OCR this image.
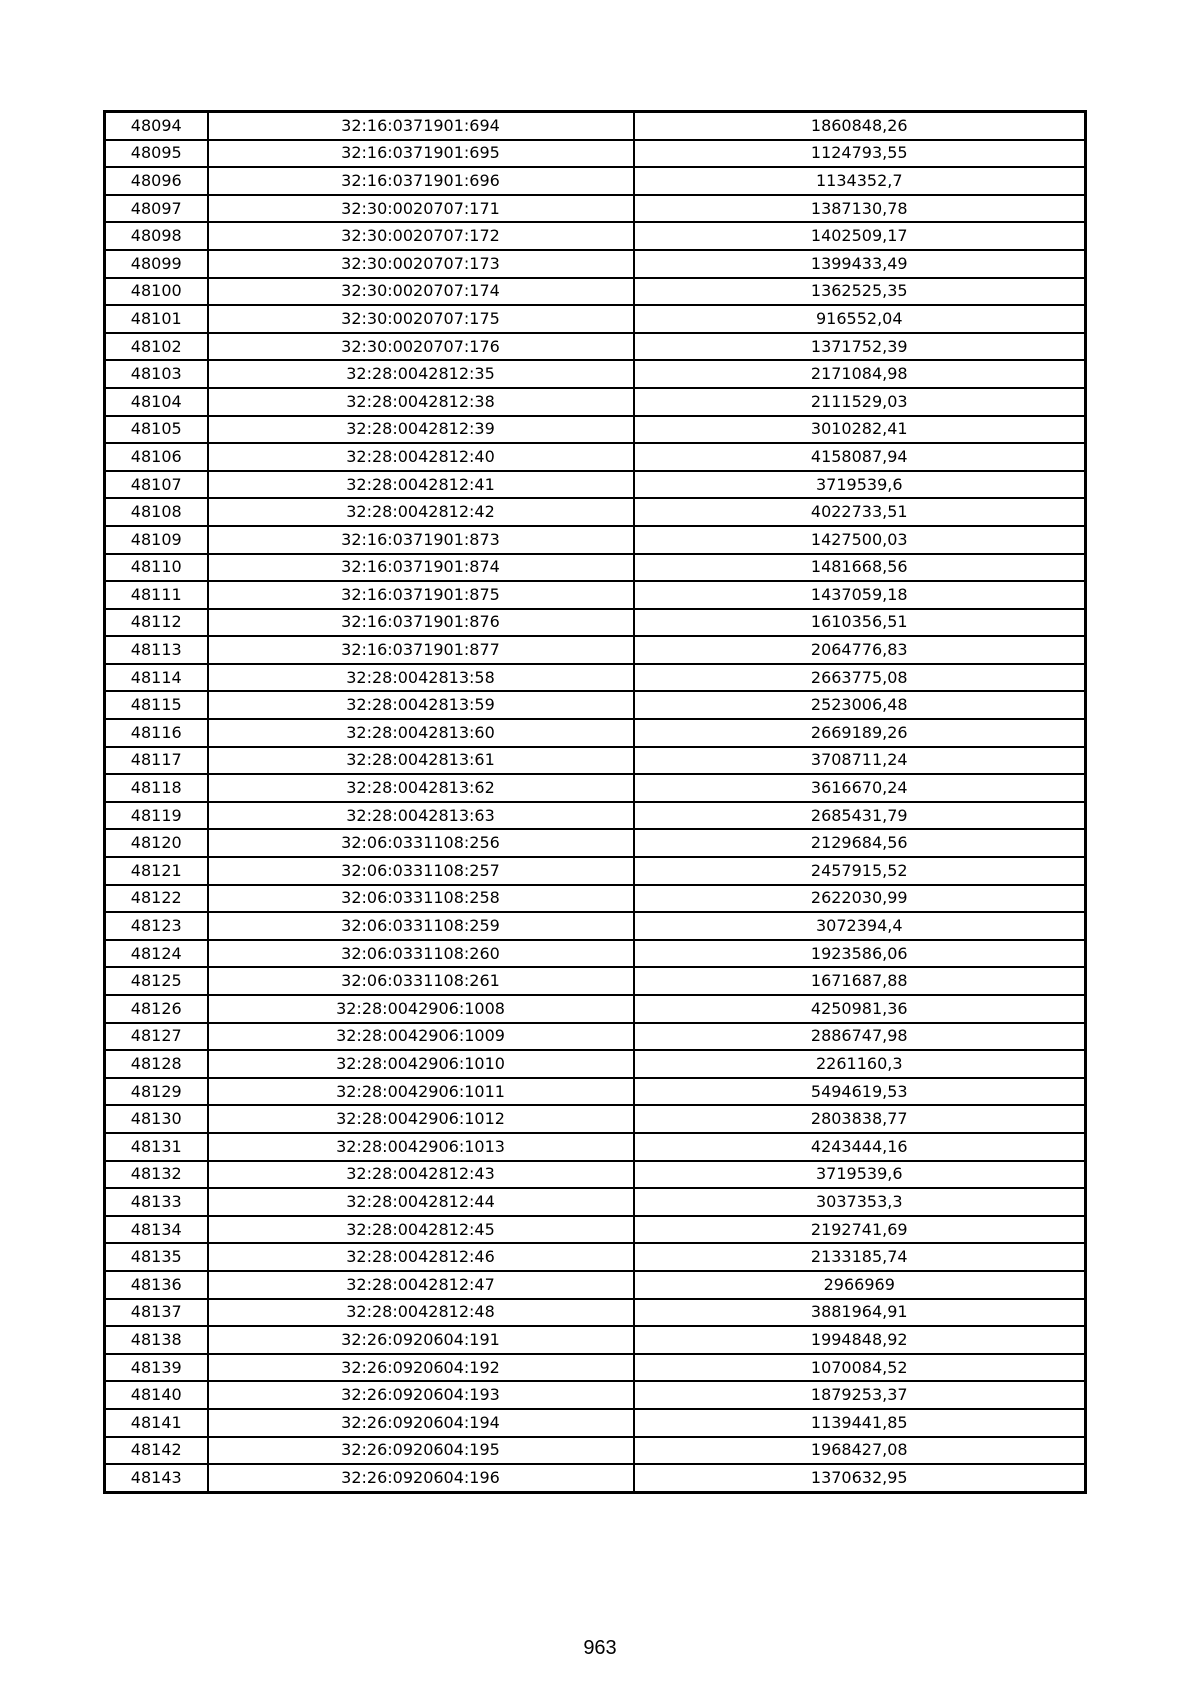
48094	32:16:0371901:694	1860848,26
48095	32:16:0371901:695	1124793,55
48096	32:16:0371901:696	1134352,7
48097	32:30:0020707:171	1387130,78
48098	32:30:0020707:172	1402509,17
48099	32:30:0020707:173	1399433,49
48100	32:30:0020707:174	1362525,35
48101	32:30:0020707:175	916552,04
48102	32:30:0020707:176	1371752,39
48103	32:28:0042812:35	2171084,98
48104	32:28:0042812:38	2111529,03
48105	32:28:0042812:39	3010282,41
48106	32:28:0042812:40	4158087,94
48107	32:28:0042812:41	3719539,6
48108	32:28:0042812:42	4022733,51
48109	32:16:0371901:873	1427500,03
48110	32:16:0371901:874	1481668,56
48111	32:16:0371901:875	1437059,18
48112	32:16:0371901:876	1610356,51
48113	32:16:0371901:877	2064776,83
48114	32:28:0042813:58	2663775,08
48115	32:28:0042813:59	2523006,48
48116	32:28:0042813:60	2669189,26
48117	32:28:0042813:61	3708711,24
48118	32:28:0042813:62	3616670,24
48119	32:28:0042813:63	2685431,79
48120	32:06:0331108:256	2129684,56
48121	32:06:0331108:257	2457915,52
48122	32:06:0331108:258	2622030,99
48123	32:06:0331108:259	3072394,4
48124	32:06:0331108:260	1923586,06
48125	32:06:0331108:261	1671687,88
48126	32:28:0042906:1008	4250981,36
48127	32:28:0042906:1009	2886747,98
48128	32:28:0042906:1010	2261160,3
48129	32:28:0042906:1011	5494619,53
48130	32:28:0042906:1012	2803838,77
48131	32:28:0042906:1013	4243444,16
48132	32:28:0042812:43	3719539,6
48133	32:28:0042812:44	3037353,3
48134	32:28:0042812:45	2192741,69
48135	32:28:0042812:46	2133185,74
48136	32:28:0042812:47	2966969
48137	32:28:0042812:48	3881964,91
48138	32:26:0920604:191	1994848,92
48139	32:26:0920604:192	1070084,52
48140	32:26:0920604:193	1879253,37
48141	32:26:0920604:194	1139441,85
48142	32:26:0920604:195	1968427,08
48143	32:26:0920604:196	1370632,95
963
